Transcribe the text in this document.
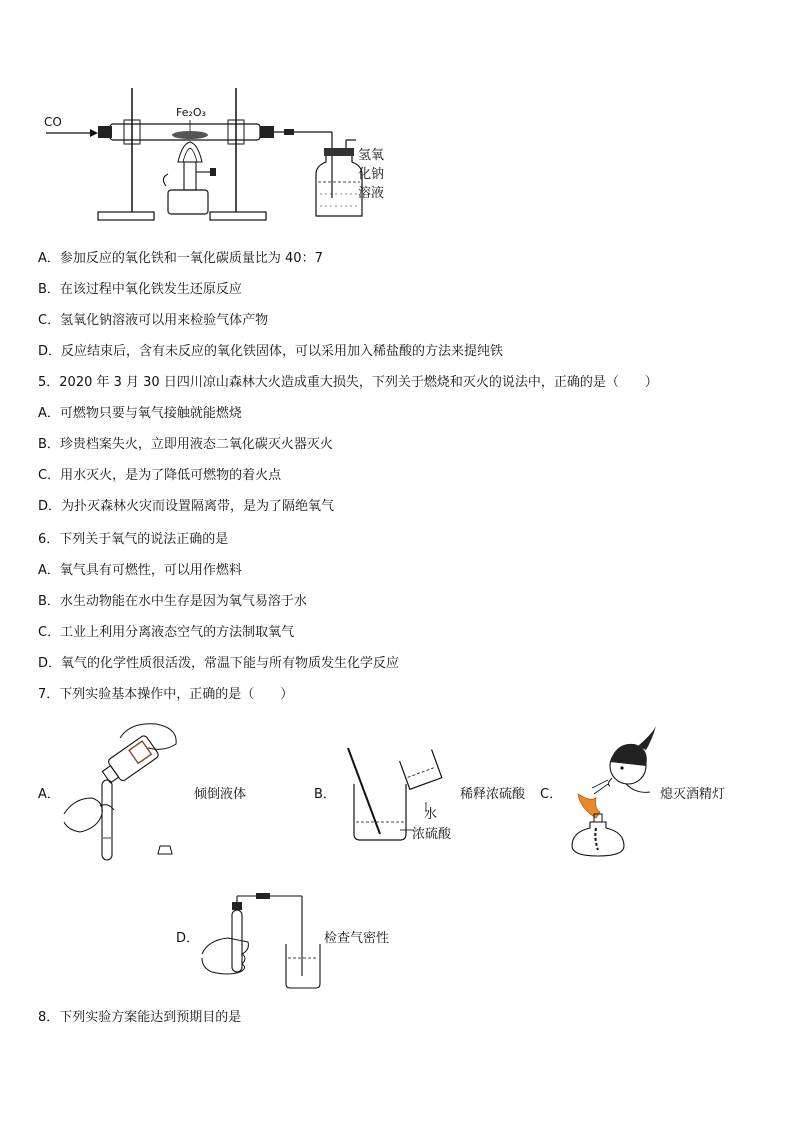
CO
Fe₂O₃
氢氧
化钠
溶液
A．参加反应的氧化铁和一氧化碳质量比为 40：7
B．在该过程中氧化铁发生还原反应
C．氢氧化钠溶液可以用来检验气体产物
D．反应结束后，含有未反应的氧化铁固体，可以采用加入稀盐酸的方法来提纯铁
5．2020 年 3 月 30 日四川凉山森林大火造成重大损失，下列关于燃烧和灭火的说法中，正确的是（　　）
A．可燃物只要与氧气接触就能燃烧
B．珍贵档案失火，立即用液态二氧化碳灭火器灭火
C．用水灭火，是为了降低可燃物的着火点
D．为扑灭森林火灾而设置隔离带，是为了隔绝氧气
6．下列关于氧气的说法正确的是
A．氧气具有可燃性，可以用作燃料
B．水生动物能在水中生存是因为氧气易溶于水
C．工业上利用分离液态空气的方法制取氧气
D．氧气的化学性质很活泼，常温下能与所有物质发生化学反应
7．下列实验基本操作中，正确的是（　　）
A．	倾倒液体	B．
水
浓硫酸
稀释浓硫酸 C．	熄灭酒精灯
D．	检查气密性
8．下列实验方案能达到预期目的是
